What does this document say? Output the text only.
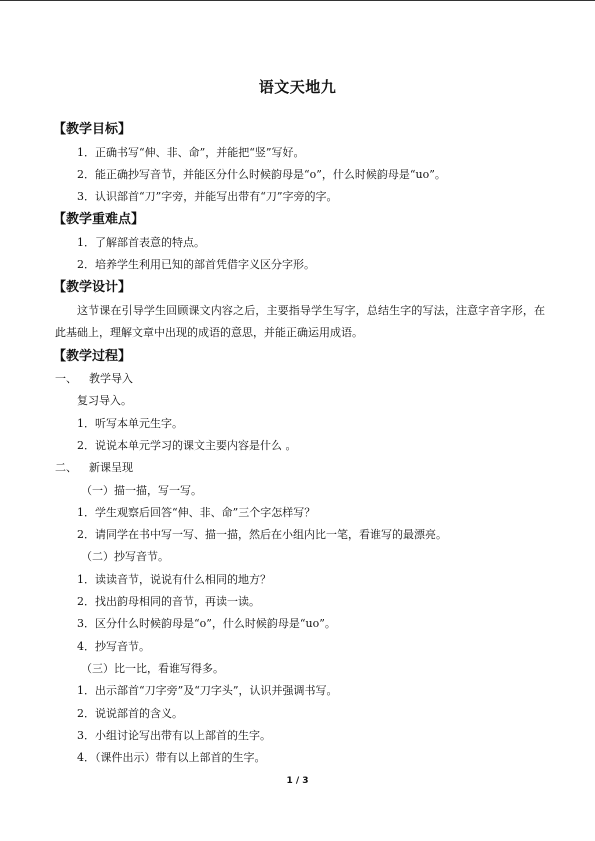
语文天地九
【教学目标】
1．正确书写“伸、非、命”，并能把“竖”写好。
2．能正确抄写音节，并能区分什么时候韵母是“o”，什么时候韵母是“uo”。
3．认识部首“刀”字旁，并能写出带有“刀”字旁的字。
【教学重难点】
1．了解部首表意的特点。
2．培养学生利用已知的部首凭借字义区分字形。
【教学设计】
这节课在引导学生回顾课文内容之后，主要指导学生写字，总结生字的写法，注意字音字形，在此基础上，理解文章中出现的成语的意思，并能正确运用成语。
【教学过程】
一、	教学导入
复习导入。
1．听写本单元生字。
2．说说本单元学习的课文主要内容是什么 。
二、	新课呈现
（一）描一描，写一写。
1．学生观察后回答“伸、非、命”三个字怎样写？
2．请同学在书中写一写、描一描，然后在小组内比一笔，看谁写的最漂亮。
（二）抄写音节。
1．读读音节，说说有什么相同的地方？
2．找出韵母相同的音节，再读一读。
3．区分什么时候韵母是“o”，什么时候韵母是“uo”。
4．抄写音节。
（三）比一比，看谁写得多。
1．出示部首“刀字旁”及“刀字头”，认识并强调书写。
2．说说部首的含义。
3．小组讨论写出带有以上部首的生字。
4．（课件出示）带有以上部首的生字。
1 / 3
